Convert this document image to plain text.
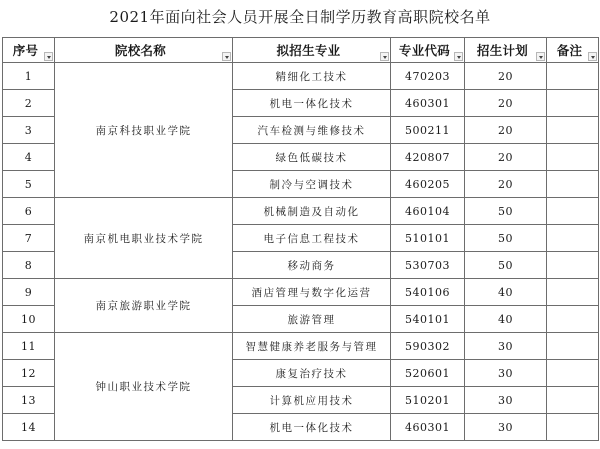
2021年面向社会人员开展全日制学历教育高职院校名单
序号	院校名称	拟招生专业	专业代码	招生计划	备注

1	南京科技职业学院	精细化工技术	470203	20	
2		机电一体化技术	460301	20	
3		汽车检测与维修技术	500211	20	
4		绿色低碳技术	420807	20	
5		制冷与空调技术	460205	20	
6	南京机电职业技术学院	机械制造及自动化	460104	50	
7		电子信息工程技术	510101	50	
8		移动商务	530703	50	
9	南京旅游职业学院	酒店管理与数字化运营	540106	40	
10		旅游管理	540101	40	
11	钟山职业技术学院	智慧健康养老服务与管理	590302	30	
12		康复治疗技术	520601	30	
13		计算机应用技术	510201	30	
14		机电一体化技术	460301	30	
